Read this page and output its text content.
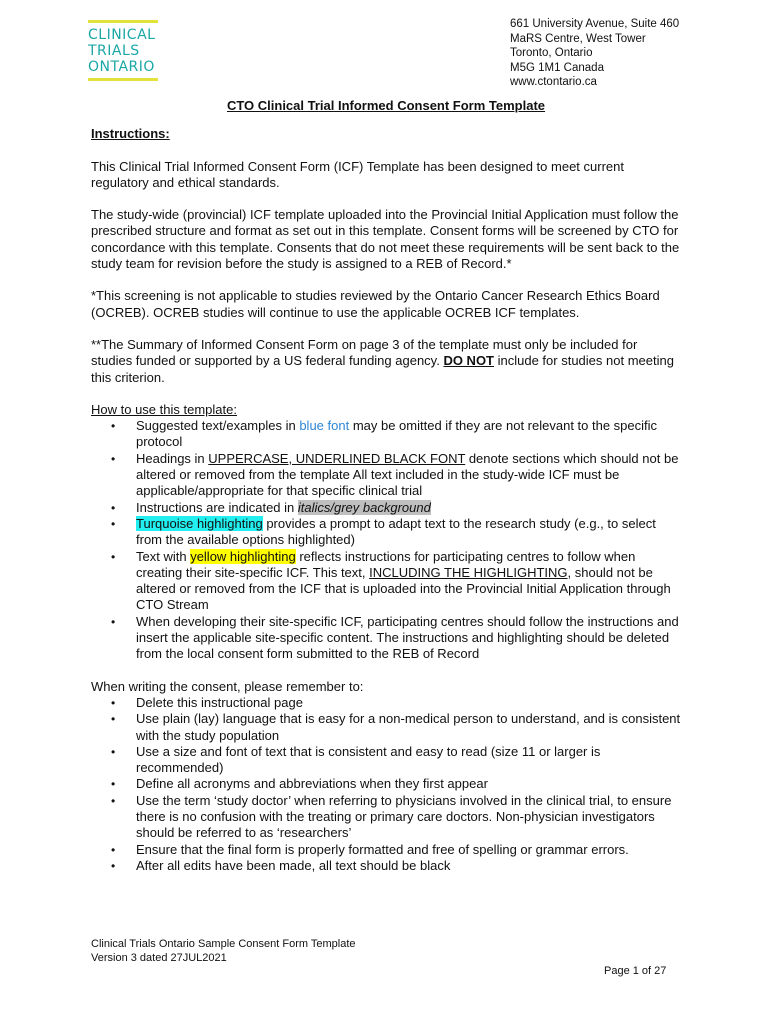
CLINICAL
TRIALS
ONTARIO
661 University Avenue, Suite 460
MaRS Centre, West Tower
Toronto, Ontario
M5G 1M1 Canada
www.ctontario.ca
CTO Clinical Trial Informed Consent Form Template
Instructions:

This Clinical Trial Informed Consent Form (ICF) Template has been designed to meet current regulatory and ethical standards.

The study-wide (provincial) ICF template uploaded into the Provincial Initial Application must follow the prescribed structure and format as set out in this template. Consent forms will be screened by CTO for concordance with this template. Consents that do not meet these requirements will be sent back to the study team for revision before the study is assigned to a REB of Record.*

*This screening is not applicable to studies reviewed by the Ontario Cancer Research Ethics Board (OCREB). OCREB studies will continue to use the applicable OCREB ICF templates.

**The Summary of Informed Consent Form on page 3 of the template must only be included for studies funded or supported by a US federal funding agency. DO NOT include for studies not meeting this criterion.

How to use this template:
• Suggested text/examples in blue font may be omitted if they are not relevant to the specific protocol
• Headings in UPPERCASE, UNDERLINED BLACK FONT denote sections which should not be altered or removed from the template All text included in the study-wide ICF must be applicable/appropriate for that specific clinical trial
• Instructions are indicated in italics/grey background
• Turquoise highlighting provides a prompt to adapt text to the research study (e.g., to select from the available options highlighted)
• Text with yellow highlighting reflects instructions for participating centres to follow when creating their site-specific ICF. This text, INCLUDING THE HIGHLIGHTING, should not be altered or removed from the ICF that is uploaded into the Provincial Initial Application through CTO Stream
• When developing their site-specific ICF, participating centres should follow the instructions and insert the applicable site-specific content. The instructions and highlighting should be deleted from the local consent form submitted to the REB of Record
When writing the consent, please remember to:
• Delete this instructional page
• Use plain (lay) language that is easy for a non-medical person to understand, and is consistent with the study population
• Use a size and font of text that is consistent and easy to read (size 11 or larger is recommended)
• Define all acronyms and abbreviations when they first appear
• Use the term ‘study doctor’ when referring to physicians involved in the clinical trial, to ensure there is no confusion with the treating or primary care doctors. Non-physician investigators should be referred to as ‘researchers’
• Ensure that the final form is properly formatted and free of spelling or grammar errors.
• After all edits have been made, all text should be black
Clinical Trials Ontario Sample Consent Form Template
Version 3 dated 27JUL2021
Page 1 of 27
